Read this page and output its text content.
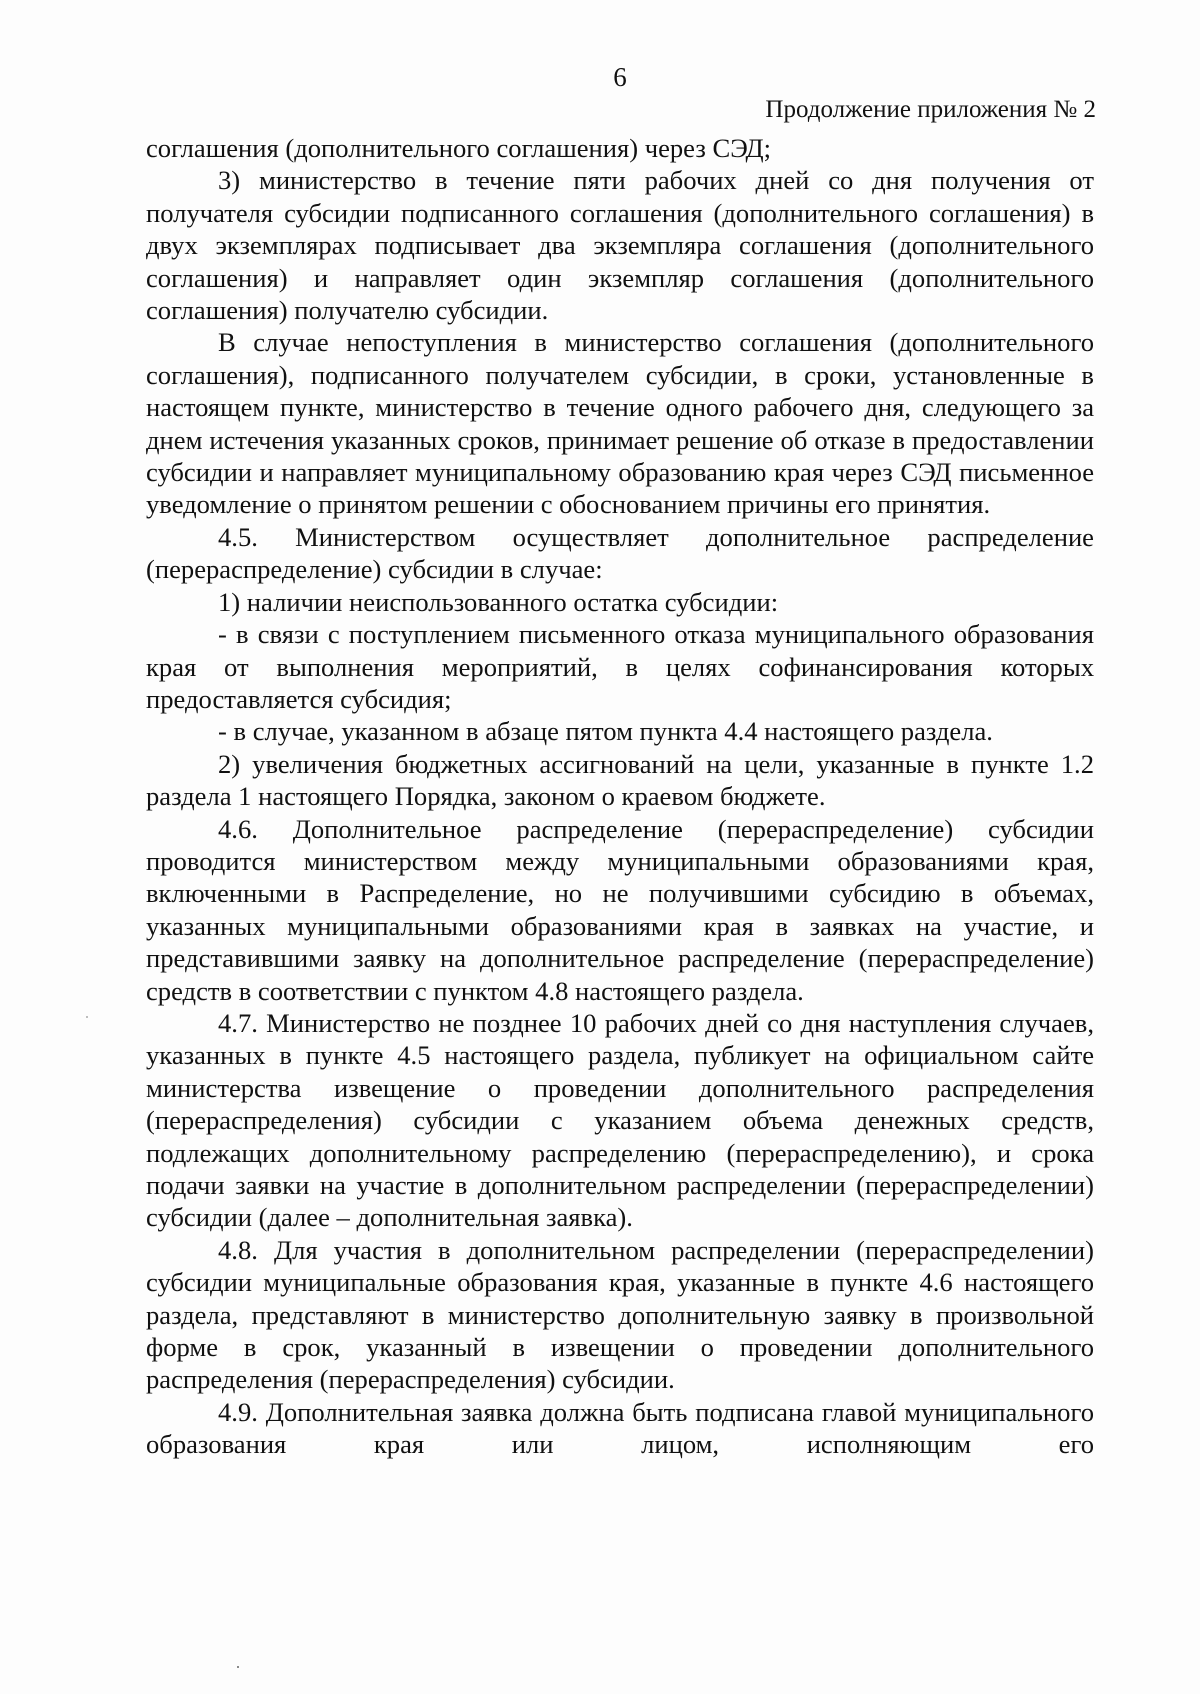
6
Продолжение приложения № 2

соглашения (дополнительного соглашения) через СЭД;

3) министерство в течение пяти рабочих дней со дня получения от получателя субсидии подписанного соглашения (дополнительного соглашения) в двух экземплярах подписывает два экземпляра соглашения (дополнительного соглашения) и направляет один экземпляр соглашения (дополнительного соглашения) получателю субсидии.

В случае непоступления в министерство соглашения (дополнительного соглашения), подписанного получателем субсидии, в сроки, установленные в настоящем пункте, министерство в течение одного рабочего дня, следующего за днем истечения указанных сроков, принимает решение об отказе в предоставлении субсидии и направляет муниципальному образованию края через СЭД письменное уведомление о принятом решении с обоснованием причины его принятия.

4.5. Министерством осуществляет дополнительное распределение (перераспределение) субсидии в случае:

1) наличии неиспользованного остатка субсидии:

- в связи с поступлением письменного отказа муниципального образования края от выполнения мероприятий, в целях софинансирования которых предоставляется субсидия;

- в случае, указанном в абзаце пятом пункта 4.4 настоящего раздела.

2) увеличения бюджетных ассигнований на цели, указанные в пункте 1.2 раздела 1 настоящего Порядка, законом о краевом бюджете.

4.6. Дополнительное распределение (перераспределение) субсидии проводится министерством между муниципальными образованиями края, включенными в Распределение, но не получившими субсидию в объемах, указанных муниципальными образованиями края в заявках на участие, и представившими заявку на дополнительное распределение (перераспределение) средств в соответствии с пунктом 4.8 настоящего раздела.

4.7. Министерство не позднее 10 рабочих дней со дня наступления случаев, указанных в пункте 4.5 настоящего раздела, публикует на официальном сайте министерства извещение о проведении дополнительного распределения (перераспределения) субсидии с указанием объема денежных средств, подлежащих дополнительному распределению (перераспределению), и срока подачи заявки на участие в дополнительном распределении (перераспределении) субсидии (далее – дополнительная заявка).

4.8. Для участия в дополнительном распределении (перераспределении) субсидии муниципальные образования края, указанные в пункте 4.6 настоящего раздела, представляют в министерство дополнительную заявку в произвольной форме в срок, указанный в извещении о проведении дополнительного распределения (перераспределения) субсидии.

4.9. Дополнительная заявка должна быть подписана главой муниципального образования края или лицом, исполняющим его
